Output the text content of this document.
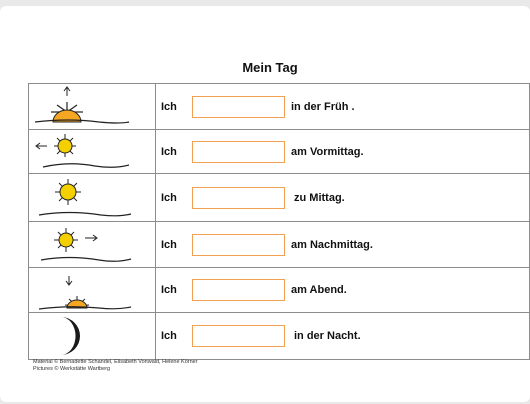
Mein Tag

Ich in der Früh .

Ich am Vormittag.

Ich zu Mittag.

Ich am Nachmittag.

Ich am Abend.

Ich in der Nacht.
Material © Bernadette Schandel, Elisabeth Vonwald, Helene Körner
Pictures © Werkstätte Wartberg
